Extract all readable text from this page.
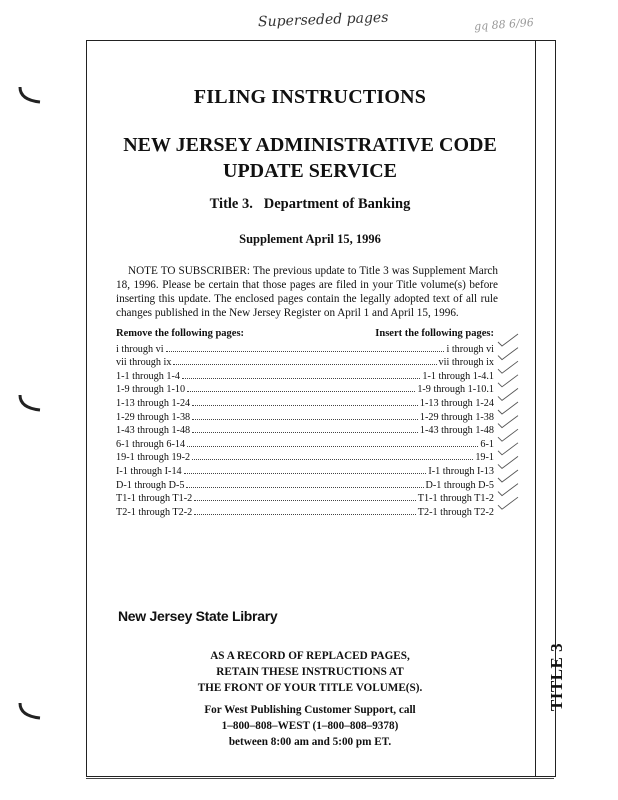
Superseded pages	gq 88 6/96
FILING INSTRUCTIONS
NEW JERSEY ADMINISTRATIVE CODE
UPDATE SERVICE
Title 3.   Department of Banking
Supplement April 15, 1996

NOTE TO SUBSCRIBER: The previous update to Title 3 was Supplement March 18, 1996. Please be certain that those pages are filed in your Title volume(s) before inserting this update. The enclosed pages contain the legally adopted text of all rule changes published in the New Jersey Register on April 1 and April 15, 1996.

Remove the following pages:	Insert the following pages:
i through vi	i through vi
vii through ix	vii through ix
1-1 through 1-4	1-1 through 1-4.1
1-9 through 1-10	1-9 through 1-10.1
1-13 through 1-24	1-13 through 1-24
1-29 through 1-38	1-29 through 1-38
1-43 through 1-48	1-43 through 1-48
6-1 through 6-14	6-1
19-1 through 19-2	19-1
I-1 through I-14	I-1 through I-13
D-1 through D-5	D-1 through D-5
T1-1 through T1-2	T1-1 through T1-2
T2-1 through T2-2	T2-1 through T2-2
New Jersey State Library
AS A RECORD OF REPLACED PAGES,
RETAIN THESE INSTRUCTIONS AT
THE FRONT OF YOUR TITLE VOLUME(S).
For West Publishing Customer Support, call
1–800–808–WEST (1–800–808–9378)
between 8:00 am and 5:00 pm ET.
TITLE 3
